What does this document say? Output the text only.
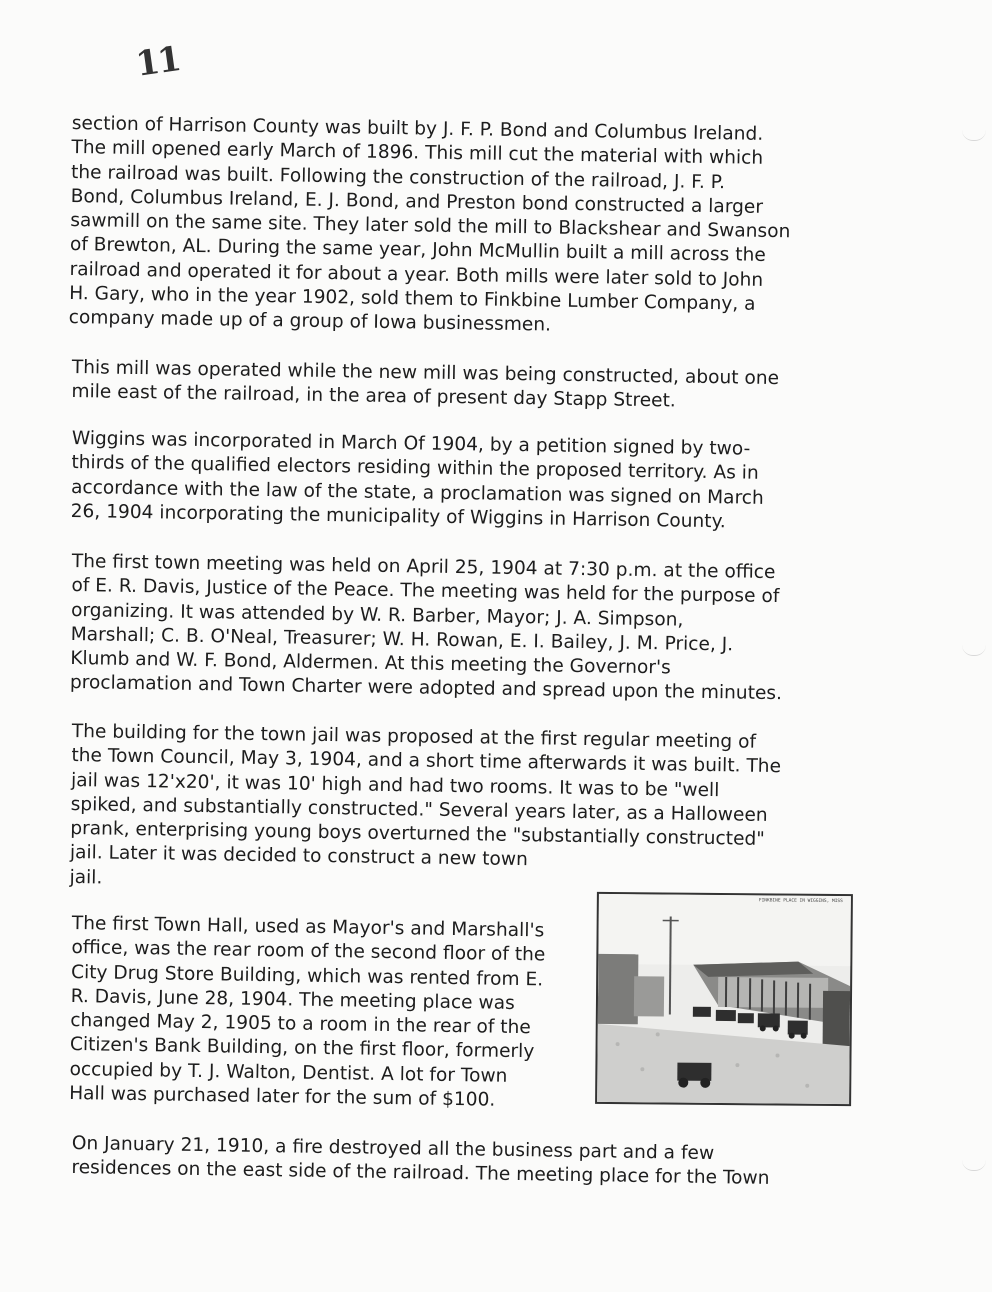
11
section of Harrison County was built by J. F. P. Bond and Columbus Ireland.
The mill opened early March of 1896. This mill cut the material with which
the railroad was built. Following the construction of the railroad, J. F. P.
Bond, Columbus Ireland, E. J. Bond, and Preston bond constructed a larger
sawmill on the same site. They later sold the mill to Blackshear and Swanson
of Brewton, AL. During the same year, John McMullin built a mill across the
railroad and operated it for about a year. Both mills were later sold to John
H. Gary, who in the year 1902, sold them to Finkbine Lumber Company, a
company made up of a group of Iowa businessmen.
This mill was operated while the new mill was being constructed, about one
mile east of the railroad, in the area of present day Stapp Street.
Wiggins was incorporated in March Of 1904, by a petition signed by two-
thirds of the qualified electors residing within the proposed territory. As in
accordance with the law of the state, a proclamation was signed on March
26, 1904 incorporating the municipality of Wiggins in Harrison County.
The first town meeting was held on April 25, 1904 at 7:30 p.m. at the office
of E. R. Davis, Justice of the Peace. The meeting was held for the purpose of
organizing. It was attended by W. R. Barber, Mayor; J. A. Simpson,
Marshall; C. B. O'Neal, Treasurer; W. H. Rowan, E. I. Bailey, J. M. Price, J.
Klumb and W. F. Bond, Aldermen. At this meeting the Governor's
proclamation and Town Charter were adopted and spread upon the minutes.
The building for the town jail was proposed at the first regular meeting of
the Town Council, May 3, 1904, and a short time afterwards it was built. The
jail was 12'x20', it was 10' high and had two rooms. It was to be "well
spiked, and substantially constructed." Several years later, as a Halloween
prank, enterprising young boys overturned the "substantially constructed"
jail. Later it was decided to construct a new town
jail.
The first Town Hall, used as Mayor's and Marshall's
office, was the rear room of the second floor of the
City Drug Store Building, which was rented from E.
R. Davis, June 28, 1904. The meeting place was
changed May 2, 1905 to a room in the rear of the
Citizen's Bank Building, on the first floor, formerly
occupied by T. J. Walton, Dentist. A lot for Town
Hall was purchased later for the sum of $100.
On January 21, 1910, a fire destroyed all the business part and a few
residences on the east side of the railroad. The meeting place for the Town
FINKBINE PLACE IN WIGGINS, MISS
